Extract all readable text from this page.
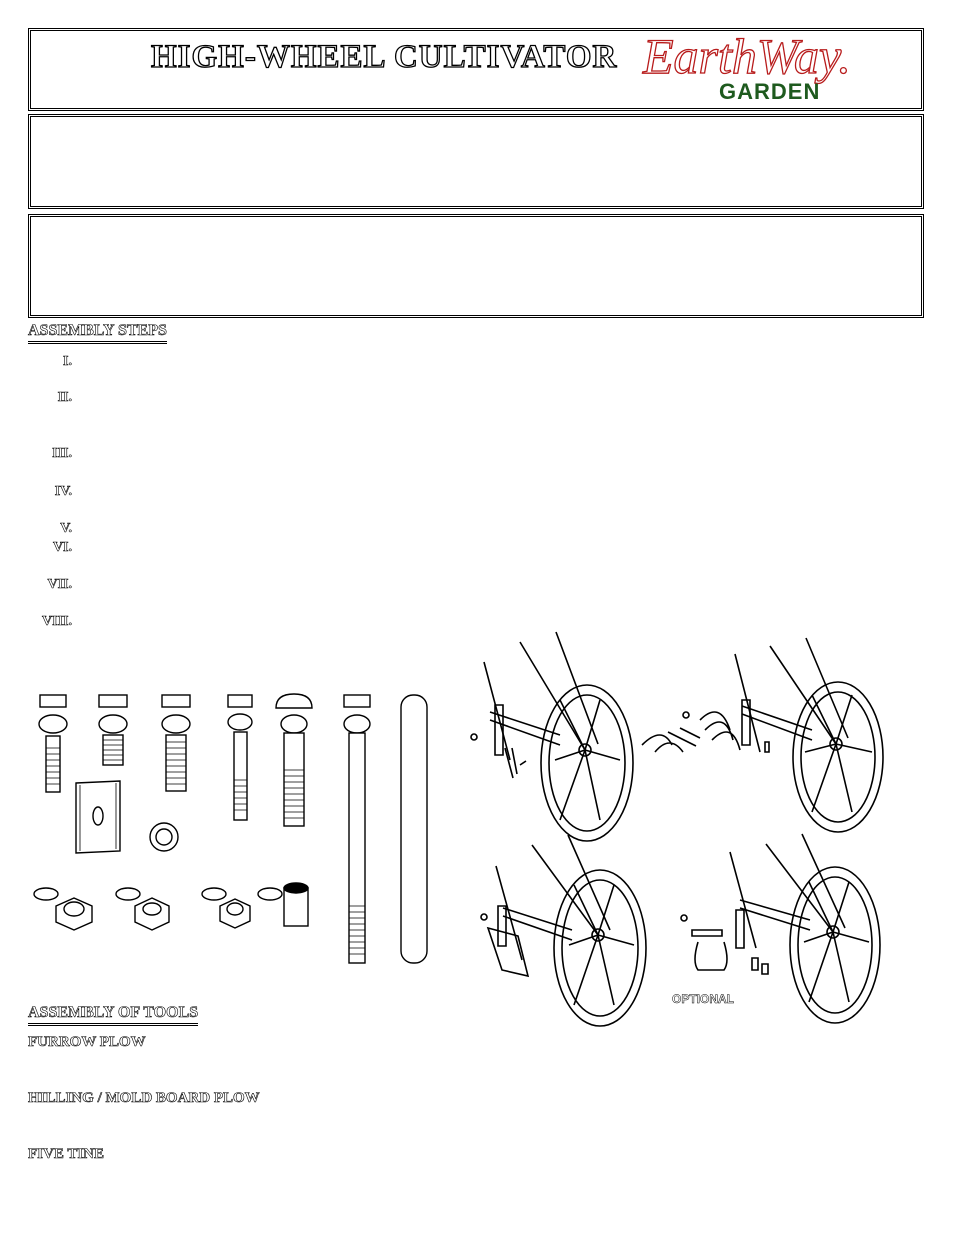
HIGH-WHEEL CULTIVATOR EarthWay.
GARDEN
ASSEMBLY STEPS
I.
II.
III.
IV.
V.
VI.
VII.
VIII.
OPTIONAL
ASSEMBLY OF TOOLS
FURROW PLOW
HILLING / MOLD BOARD PLOW
FIVE TINE
